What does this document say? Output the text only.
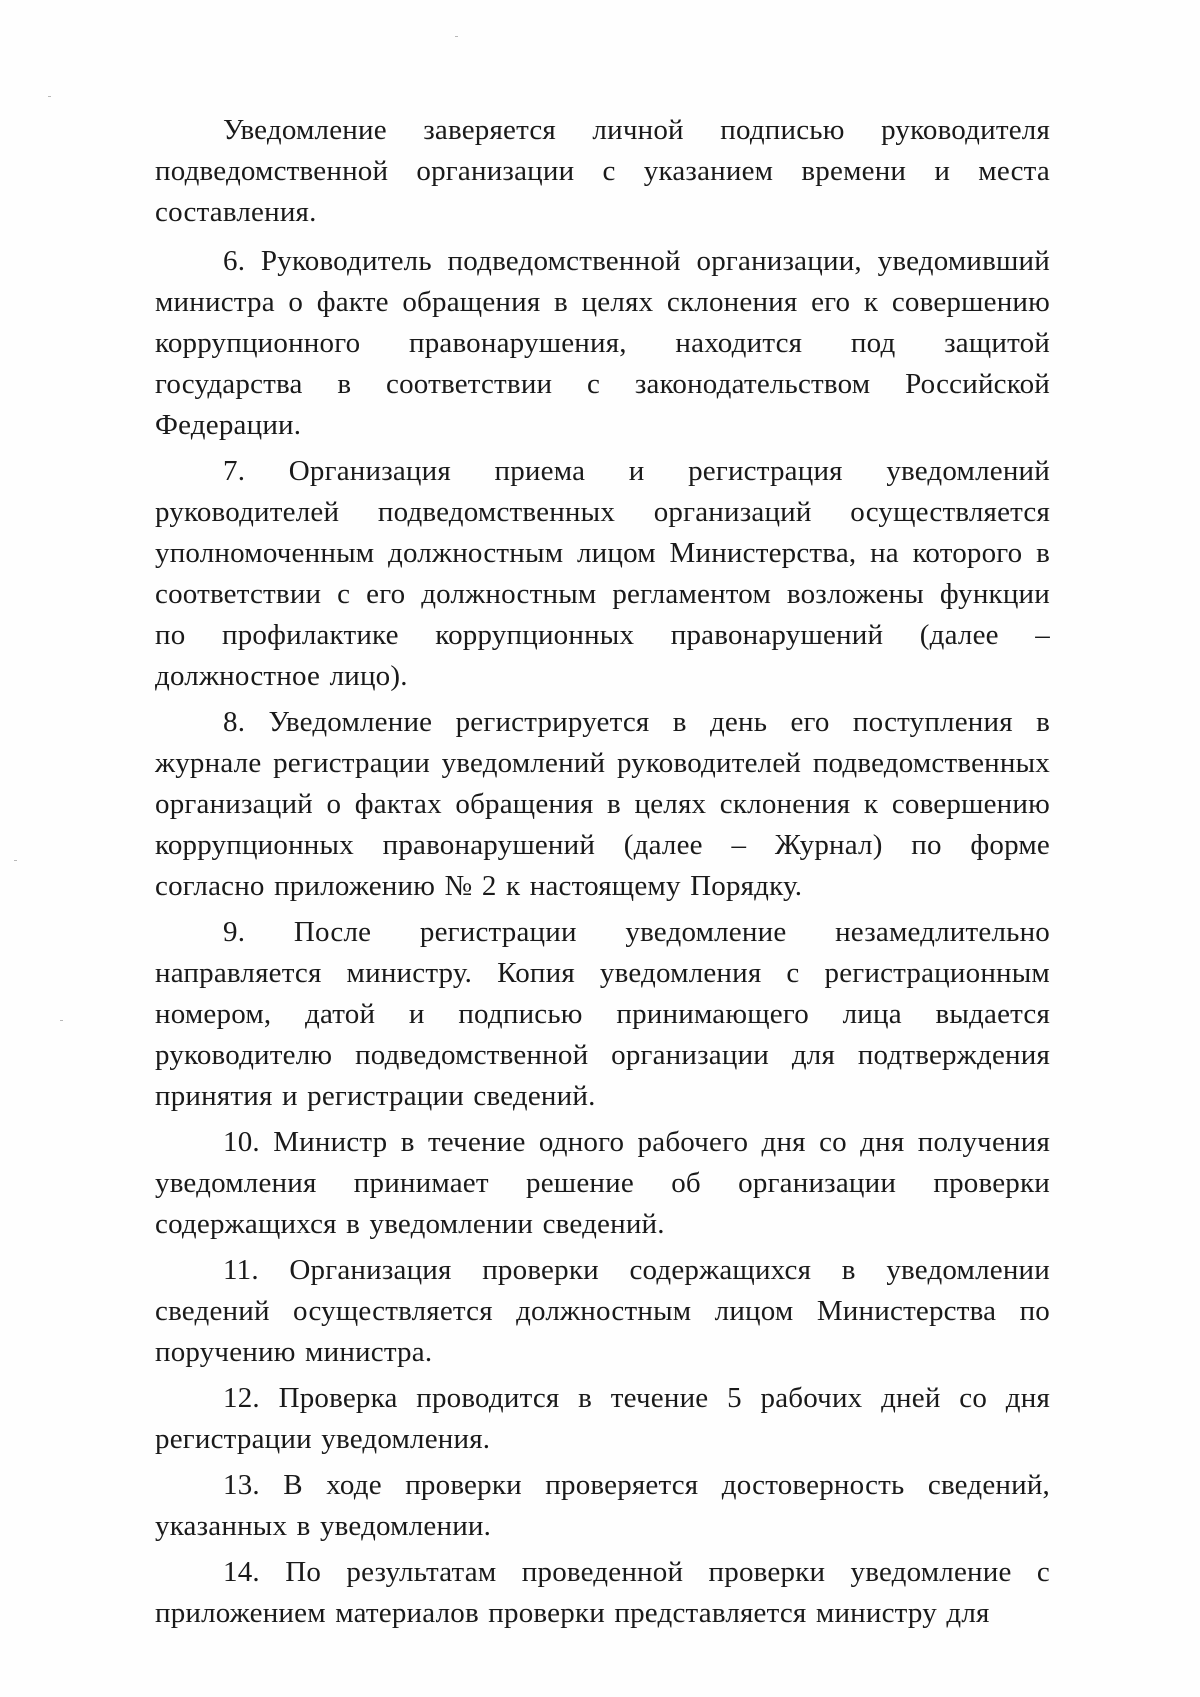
Уведомление заверяется личной подписью руководителя подведомственной организации с указанием времени и места составления.

6. Руководитель подведомственной организации, уведомивший министра о факте обращения в целях склонения его к совершению коррупционного правонарушения, находится под защитой государства в соответствии с законодательством Российской Федерации.

7. Организация приема и регистрация уведомлений руководителей подведомственных организаций осуществляется уполномоченным должностным лицом Министерства, на которого в соответствии с его должностным регламентом возложены функции по профилактике коррупционных правонарушений (далее – должностное лицо).

8. Уведомление регистрируется в день его поступления в журнале регистрации уведомлений руководителей подведомственных организаций о фактах обращения в целях склонения к совершению коррупционных правонарушений (далее – Журнал) по форме согласно приложению № 2 к настоящему Порядку.

9. После регистрации уведомление незамедлительно направляется министру. Копия уведомления с регистрационным номером, датой и подписью принимающего лица выдается руководителю подведомственной организации для подтверждения принятия и регистрации сведений.

10. Министр в течение одного рабочего дня со дня получения уведомления принимает решение об организации проверки содержащихся в уведомлении сведений.

11. Организация проверки содержащихся в уведомлении сведений осуществляется должностным лицом Министерства по поручению министра.

12. Проверка проводится в течение 5 рабочих дней со дня регистрации уведомления.

13. В ходе проверки проверяется достоверность сведений, указанных в уведомлении.

14. По результатам проведенной проверки уведомление с приложением материалов проверки представляется министру для
